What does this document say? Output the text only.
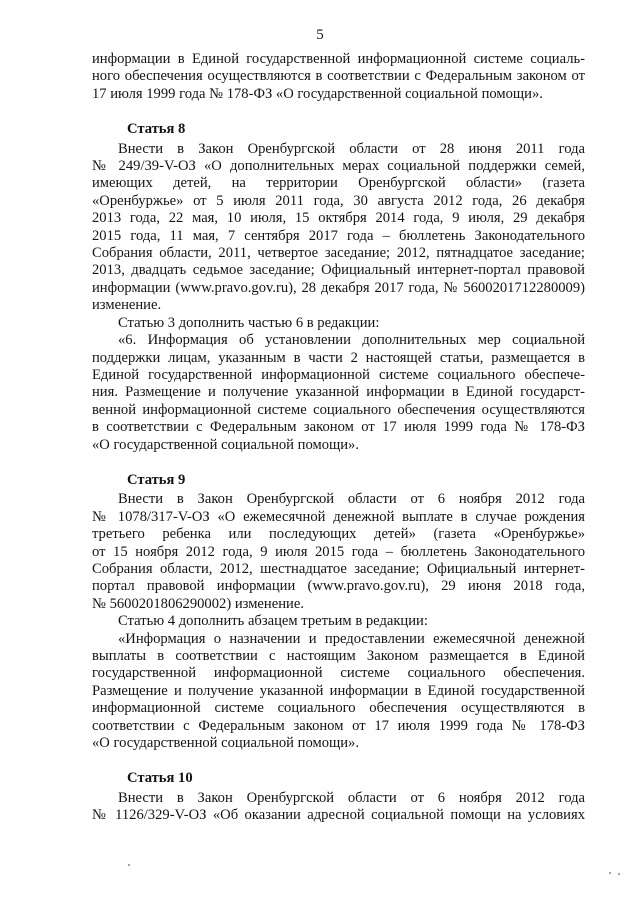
5
информации в Единой государственной информационной системе социаль-
ного обеспечения осуществляются в соответствии с Федеральным законом от
17 июля 1999 года № 178-ФЗ «О государственной социальной помощи».
Статья 8
Внести в Закон Оренбургской области от 28 июня 2011 года
№ 249/39-V-ОЗ «О дополнительных мерах социальной поддержки семей,
имеющих детей, на территории Оренбургской области» (газета
«Оренбуржье» от 5 июля 2011 года, 30 августа 2012 года, 26 декабря
2013 года, 22 мая, 10 июля, 15 октября 2014 года, 9 июля, 29 декабря
2015 года, 11 мая, 7 сентября 2017 года – бюллетень Законодательного
Собрания области, 2011, четвертое заседание; 2012, пятнадцатое заседание;
2013, двадцать седьмое заседание; Официальный интернет-портал правовой
информации (www.pravo.gov.ru), 28 декабря 2017 года, № 5600201712280009)
изменение.
Статью 3 дополнить частью 6 в редакции:
«6. Информация об установлении дополнительных мер социальной
поддержки лицам, указанным в части 2 настоящей статьи, размещается в
Единой государственной информационной системе социального обеспече-
ния. Размещение и получение указанной информации в Единой государст-
венной информационной системе социального обеспечения осуществляются
в соответствии с Федеральным законом от 17 июля 1999 года № 178-ФЗ
«О государственной социальной помощи».
Статья 9
Внести в Закон Оренбургской области от 6 ноября 2012 года
№ 1078/317-V-ОЗ «О ежемесячной денежной выплате в случае рождения
третьего ребенка или последующих детей» (газета «Оренбуржье»
от 15 ноября 2012 года, 9 июля 2015 года – бюллетень Законодательного
Собрания области, 2012, шестнадцатое заседание; Официальный интернет-
портал правовой информации (www.pravo.gov.ru), 29 июня 2018 года,
№ 5600201806290002) изменение.
Статью 4 дополнить абзацем третьим в редакции:
«Информация о назначении и предоставлении ежемесячной денежной
выплаты в соответствии с настоящим Законом размещается в Единой
государственной информационной системе социального обеспечения.
Размещение и получение указанной информации в Единой государственной
информационной системе социального обеспечения осуществляются в
соответствии с Федеральным законом от 17 июля 1999 года № 178-ФЗ
«О государственной социальной помощи».
Статья 10
Внести в Закон Оренбургской области от 6 ноября 2012 года
№ 1126/329-V-ОЗ «Об оказании адресной социальной помощи на условиях
